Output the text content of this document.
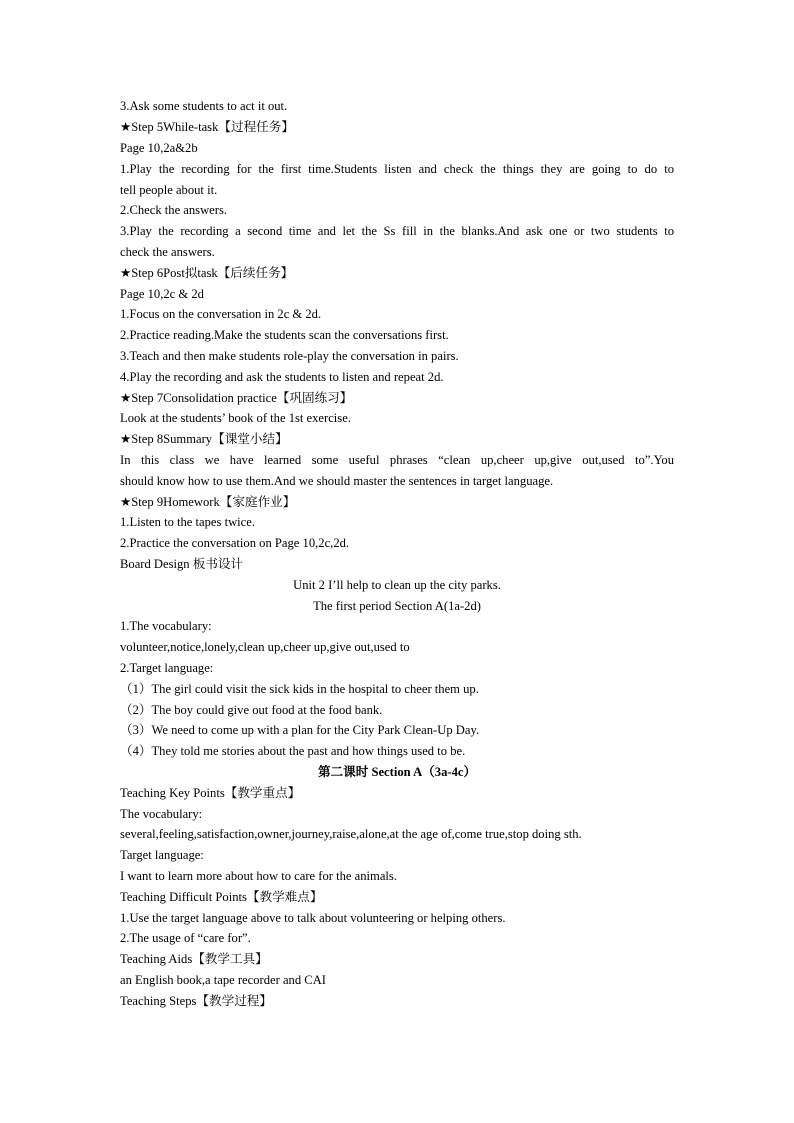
3.Ask some students to act it out.
★Step 5While-task【过程任务】
Page 10,2a&2b
1.Play the recording for the first time.Students listen and check the things they are going to do to
tell people about it.
2.Check the answers.
3.Play the recording a second time and let the Ss fill in the blanks.And ask one or two students to
check the answers.
★Step 6Post拟task【后续任务】
Page 10,2c & 2d
1.Focus on the conversation in 2c & 2d.
2.Practice reading.Make the students scan the conversations first.
3.Teach and then make students role-play the conversation in pairs.
4.Play the recording and ask the students to listen and repeat 2d.
★Step 7Consolidation practice【巩固练习】
Look at the students’ book of the 1st exercise.
★Step 8Summary【课堂小结】
In this class we have learned some useful phrases “clean up,cheer up,give out,used to”.You
should know how to use them.And we should master the sentences in target language.
★Step 9Homework【家庭作业】
1.Listen to the tapes twice.
2.Practice the conversation on Page 10,2c,2d.
Board Design 板书设计
Unit 2 I’ll help to clean up the city parks.
The first period Section A(1a-2d)
1.The vocabulary:
volunteer,notice,lonely,clean up,cheer up,give out,used to
2.Target language:
（1）The girl could visit the sick kids in the hospital to cheer them up.
（2）The boy could give out food at the food bank.
（3）We need to come up with a plan for the City Park Clean-Up Day.
（4）They told me stories about the past and how things used to be.
第二课时 Section A（3a-4c）
Teaching Key Points【教学重点】
The vocabulary:
several,feeling,satisfaction,owner,journey,raise,alone,at the age of,come true,stop doing sth.
Target language:
I want to learn more about how to care for the animals.
Teaching Difficult Points【教学难点】
1.Use the target language above to talk about volunteering or helping others.
2.The usage of “care for”.
Teaching Aids【教学工具】
an English book,a tape recorder and CAI
Teaching Steps【教学过程】
